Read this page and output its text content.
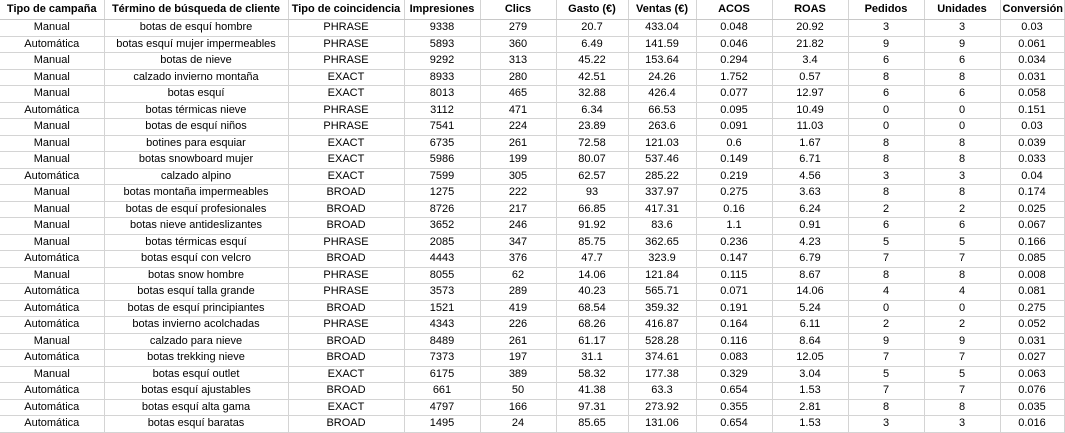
Tipo de campaña	Término de búsqueda de cliente	Tipo de coincidencia	Impresiones	Clics	Gasto (€)	Ventas (€)	ACOS	ROAS	Pedidos	Unidades	Conversión
Manual	botas de esquí hombre	PHRASE	9338	279	20.7	433.04	0.048	20.92	3	3	0.03
Automática	botas esquí mujer impermeables	PHRASE	5893	360	6.49	141.59	0.046	21.82	9	9	0.061
Manual	botas de nieve	PHRASE	9292	313	45.22	153.64	0.294	3.4	6	6	0.034
Manual	calzado invierno montaña	EXACT	8933	280	42.51	24.26	1.752	0.57	8	8	0.031
Manual	botas esquí	EXACT	8013	465	32.88	426.4	0.077	12.97	6	6	0.058
Automática	botas térmicas nieve	PHRASE	3112	471	6.34	66.53	0.095	10.49	0	0	0.151
Manual	botas de esquí niños	PHRASE	7541	224	23.89	263.6	0.091	11.03	0	0	0.03
Manual	botines para esquiar	EXACT	6735	261	72.58	121.03	0.6	1.67	8	8	0.039
Manual	botas snowboard mujer	EXACT	5986	199	80.07	537.46	0.149	6.71	8	8	0.033
Automática	calzado alpino	EXACT	7599	305	62.57	285.22	0.219	4.56	3	3	0.04
Manual	botas montaña impermeables	BROAD	1275	222	93	337.97	0.275	3.63	8	8	0.174
Manual	botas de esquí profesionales	BROAD	8726	217	66.85	417.31	0.16	6.24	2	2	0.025
Manual	botas nieve antideslizantes	BROAD	3652	246	91.92	83.6	1.1	0.91	6	6	0.067
Manual	botas térmicas esquí	PHRASE	2085	347	85.75	362.65	0.236	4.23	5	5	0.166
Automática	botas esquí con velcro	BROAD	4443	376	47.7	323.9	0.147	6.79	7	7	0.085
Manual	botas snow hombre	PHRASE	8055	62	14.06	121.84	0.115	8.67	8	8	0.008
Automática	botas esquí talla grande	PHRASE	3573	289	40.23	565.71	0.071	14.06	4	4	0.081
Automática	botas de esquí principiantes	BROAD	1521	419	68.54	359.32	0.191	5.24	0	0	0.275
Automática	botas invierno acolchadas	PHRASE	4343	226	68.26	416.87	0.164	6.11	2	2	0.052
Manual	calzado para nieve	BROAD	8489	261	61.17	528.28	0.116	8.64	9	9	0.031
Automática	botas trekking nieve	BROAD	7373	197	31.1	374.61	0.083	12.05	7	7	0.027
Manual	botas esquí outlet	EXACT	6175	389	58.32	177.38	0.329	3.04	5	5	0.063
Automática	botas esquí ajustables	BROAD	661	50	41.38	63.3	0.654	1.53	7	7	0.076
Automática	botas esquí alta gama	EXACT	4797	166	97.31	273.92	0.355	2.81	8	8	0.035
Automática	botas esquí baratas	BROAD	1495	24	85.65	131.06	0.654	1.53	3	3	0.016
